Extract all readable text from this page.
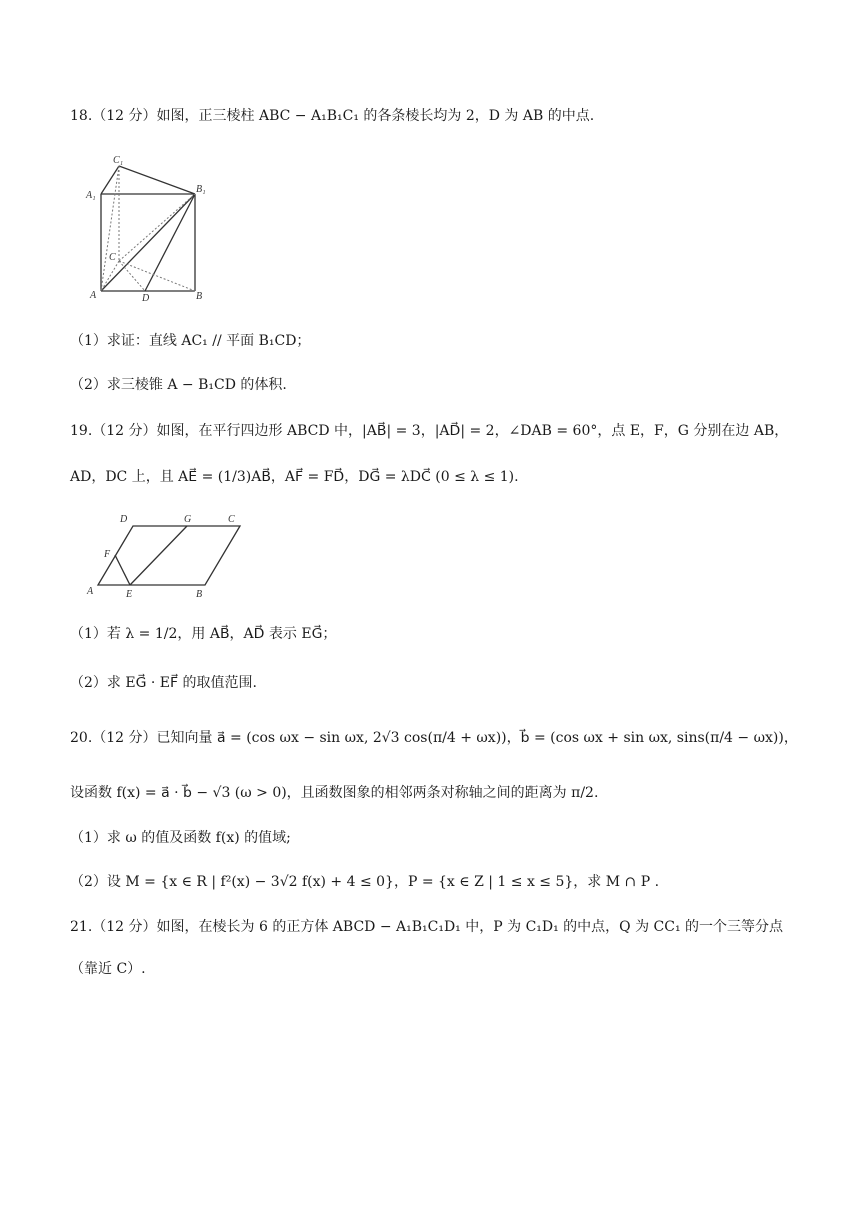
18.（12 分）如图，正三棱柱 ABC − A₁B₁C₁ 的各条棱长均为 2，D 为 AB 的中点.
C₁
A₁
B₁
C
A	D	B
（1）求证：直线 AC₁ // 平面 B₁CD；
（2）求三棱锥 A − B₁CD 的体积.
19.（12 分）如图，在平行四边形 ABCD 中，|AB⃗| = 3，|AD⃗| = 2，∠DAB = 60°，点 E，F，G 分别在边 AB，
AD，DC 上，且 AE⃗ = (1/3)AB⃗，AF⃗ = FD⃗，DG⃗ = λDC⃗ (0 ≤ λ ≤ 1).
D	G	C
F
A	E	B
（1）若 λ = 1/2，用 AB⃗，AD⃗ 表示 EG⃗；
（2）求 EG⃗ · EF⃗ 的取值范围.
20.（12 分）已知向量 a⃗ = (cos ωx − sin ωx, 2√3 cos(π/4 + ωx))，b⃗ = (cos ωx + sin ωx, sins(π/4 − ωx))，
设函数 f(x) = a⃗ · b⃗ − √3 (ω > 0)，且函数图象的相邻两条对称轴之间的距离为 π/2.
（1）求 ω 的值及函数 f(x) 的值域;
（2）设 M = {x ∈ R | f²(x) − 3√2 f(x) + 4 ≤ 0}，P = {x ∈ Z | 1 ≤ x ≤ 5}，求 M ∩ P .
21.（12 分）如图，在棱长为 6 的正方体 ABCD − A₁B₁C₁D₁ 中，P 为 C₁D₁ 的中点，Q 为 CC₁ 的一个三等分点
（靠近 C）.
